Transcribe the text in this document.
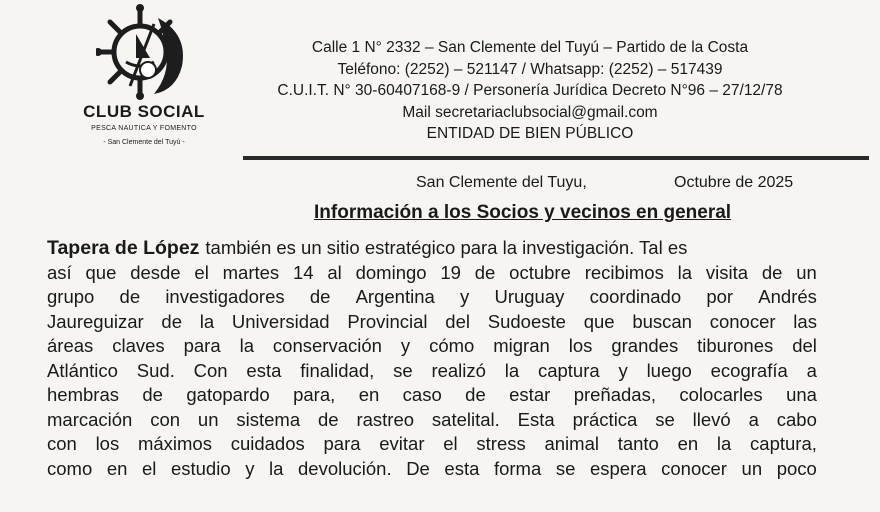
CLUB SOCIAL
PESCA NAUTICA Y FOMENTO
- San Clemente del Tuyú -
Calle 1 N° 2332 – San Clemente del Tuyú – Partido de la Costa
Teléfono: (2252) – 521147 / Whatsapp: (2252) – 517439
C.U.I.T. N° 30-60407168-9 / Personería Jurídica Decreto N°96 – 27/12/78
Mail secretariaclubsocial@gmail.com
ENTIDAD DE BIEN PÚBLICO
San Clemente del Tuyu,	Octubre de 2025
Información a los Socios y vecinos en general
Tapera de López también es un sitio estratégico para la investigación. Tal es
así que desde el martes 14 al domingo 19 de octubre recibimos la visita de un
grupo de investigadores de Argentina y Uruguay coordinado por Andrés
Jaureguizar de la Universidad Provincial del Sudoeste que buscan conocer las
áreas claves para la conservación y cómo migran los grandes tiburones del
Atlántico Sud. Con esta finalidad, se realizó la captura y luego ecografía a
hembras de gatopardo para, en caso de estar preñadas, colocarles una
marcación con un sistema de rastreo satelital. Esta práctica se llevó a cabo
con los máximos cuidados para evitar el stress animal tanto en la captura,
como en el estudio y la devolución. De esta forma se espera conocer un poco
